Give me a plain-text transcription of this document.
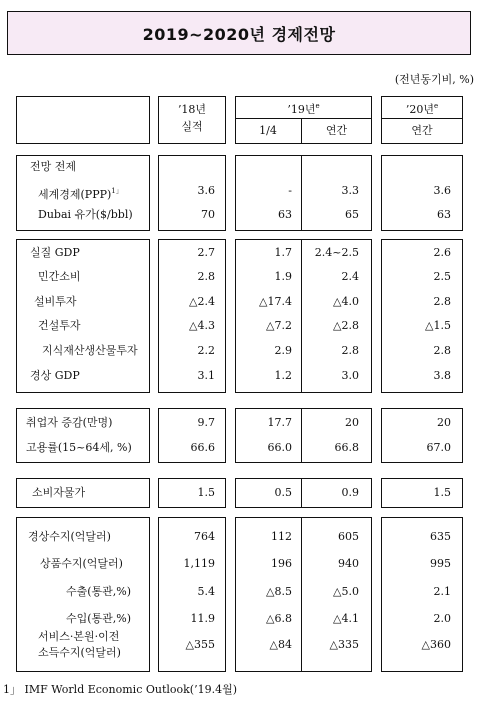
2019~2020년 경제전망
(전년동기비, %)
’18년
실적
’19년$^e$
1/4	연간
’20년$^e$
연간
전망 전제
세계경제(PPP)$^{1」}$	3.6	-	3.3	3.6
Dubai 유가($/bbl)	70	63	65	63
실질 GDP	2.7	1.7	2.4~2.5	2.6
민간소비	2.8	1.9	2.4	2.5
설비투자	△2.4	△17.4	△4.0	2.8
건설투자	△4.3	△7.2	△2.8	△1.5
지식재산생산물투자	2.2	2.9	2.8	2.8
경상 GDP	3.1	1.2	3.0	3.8
취업자 증감(만명)	9.7	17.7	20	20
고용률(15~64세, %)	66.6	66.0	66.8	67.0
소비자물가	1.5	0.5	0.9	1.5
경상수지(억달러)	764	112	605	635
상품수지(억달러)	1,119	196	940	995
수출(통관,%)	5.4	△8.5	△5.0	2.1
수입(통관,%)	11.9	△6.8	△4.1	2.0
서비스·본원·이전
소득수지(억달러)
△355	△84	△335	△360
1」 IMF World Economic Outlook(’19.4월)
